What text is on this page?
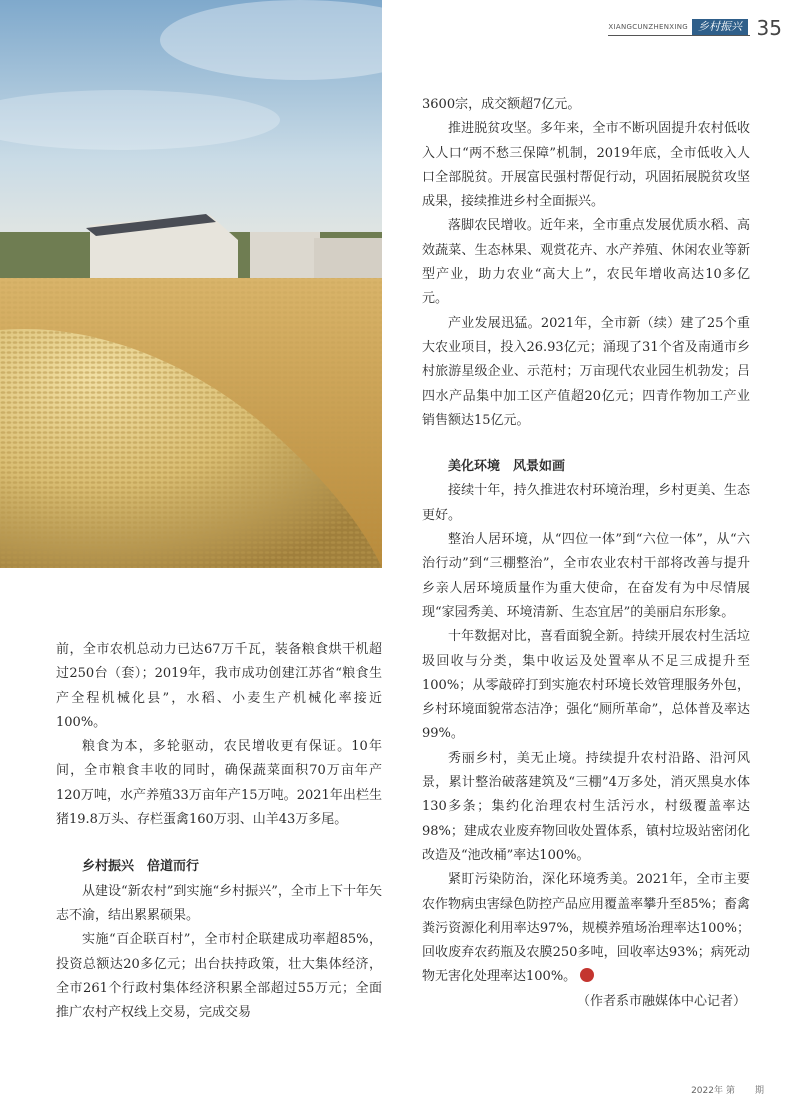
XIANGCUNZHENXING 乡村振兴 35

前，全市农机总动力已达67万千瓦，装备粮食烘干机超过250台（套）；2019年，我市成功创建江苏省“粮食生产全程机械化县”，水稻、小麦生产机械化率接近100%。

粮食为本，多轮驱动，农民增收更有保证。10年间，全市粮食丰收的同时，确保蔬菜面积70万亩年产120万吨，水产养殖33万亩年产15万吨。2021年出栏生猪19.8万头、存栏蛋禽160万羽、山羊43万多尾。

乡村振兴　倍道而行

从建设“新农村”到实施“乡村振兴”，全市上下十年矢志不渝，结出累累硕果。

实施“百企联百村”，全市村企联建成功率超85%，投资总额达20多亿元；出台扶持政策，壮大集体经济，全市261个行政村集体经济积累全部超过55万元；全面推广农村产权线上交易，完成交易

3600宗，成交额超7亿元。

推进脱贫攻坚。多年来，全市不断巩固提升农村低收入人口“两不愁三保障”机制，2019年底，全市低收入人口全部脱贫。开展富民强村帮促行动，巩固拓展脱贫攻坚成果，接续推进乡村全面振兴。

落脚农民增收。近年来，全市重点发展优质水稻、高效蔬菜、生态林果、观赏花卉、水产养殖、休闲农业等新型产业，助力农业“高大上”，农民年增收高达10多亿元。

产业发展迅猛。2021年，全市新（续）建了25个重大农业项目，投入26.93亿元；涌现了31个省及南通市乡村旅游星级企业、示范村；万亩现代农业园生机勃发；吕四水产品集中加工区产值超20亿元；四青作物加工产业销售额达15亿元。

美化环境　风景如画

接续十年，持久推进农村环境治理，乡村更美、生态更好。

整治人居环境，从“四位一体”到“六位一体”，从“六治行动”到“三棚整治”，全市农业农村干部将改善与提升乡亲人居环境质量作为重大使命，在奋发有为中尽情展现“家园秀美、环境清新、生态宜居”的美丽启东形象。

十年数据对比，喜看面貌全新。持续开展农村生活垃圾回收与分类，集中收运及处置率从不足三成提升至100%；从零敲碎打到实施农村环境长效管理服务外包，乡村环境面貌常态洁净；强化“厕所革命”，总体普及率达99%。

秀丽乡村，美无止境。持续提升农村沿路、沿河风景，累计整治破落建筑及“三棚”4万多处，消灭黑臭水体130多条；集约化治理农村生活污水，村级覆盖率达98%；建成农业废弃物回收处置体系，镇村垃圾站密闭化改造及“池改桶”率达100%。

紧盯污染防治，深化环境秀美。2021年，全市主要农作物病虫害绿色防控产品应用覆盖率攀升至85%；畜禽粪污资源化利用率达97%，规模养殖场治理率达100%；回收废弃农药瓶及农膜250多吨，回收率达93%；病死动物无害化处理率达100%。

（作者系市融媒体中心记者）

2022年 第 期
